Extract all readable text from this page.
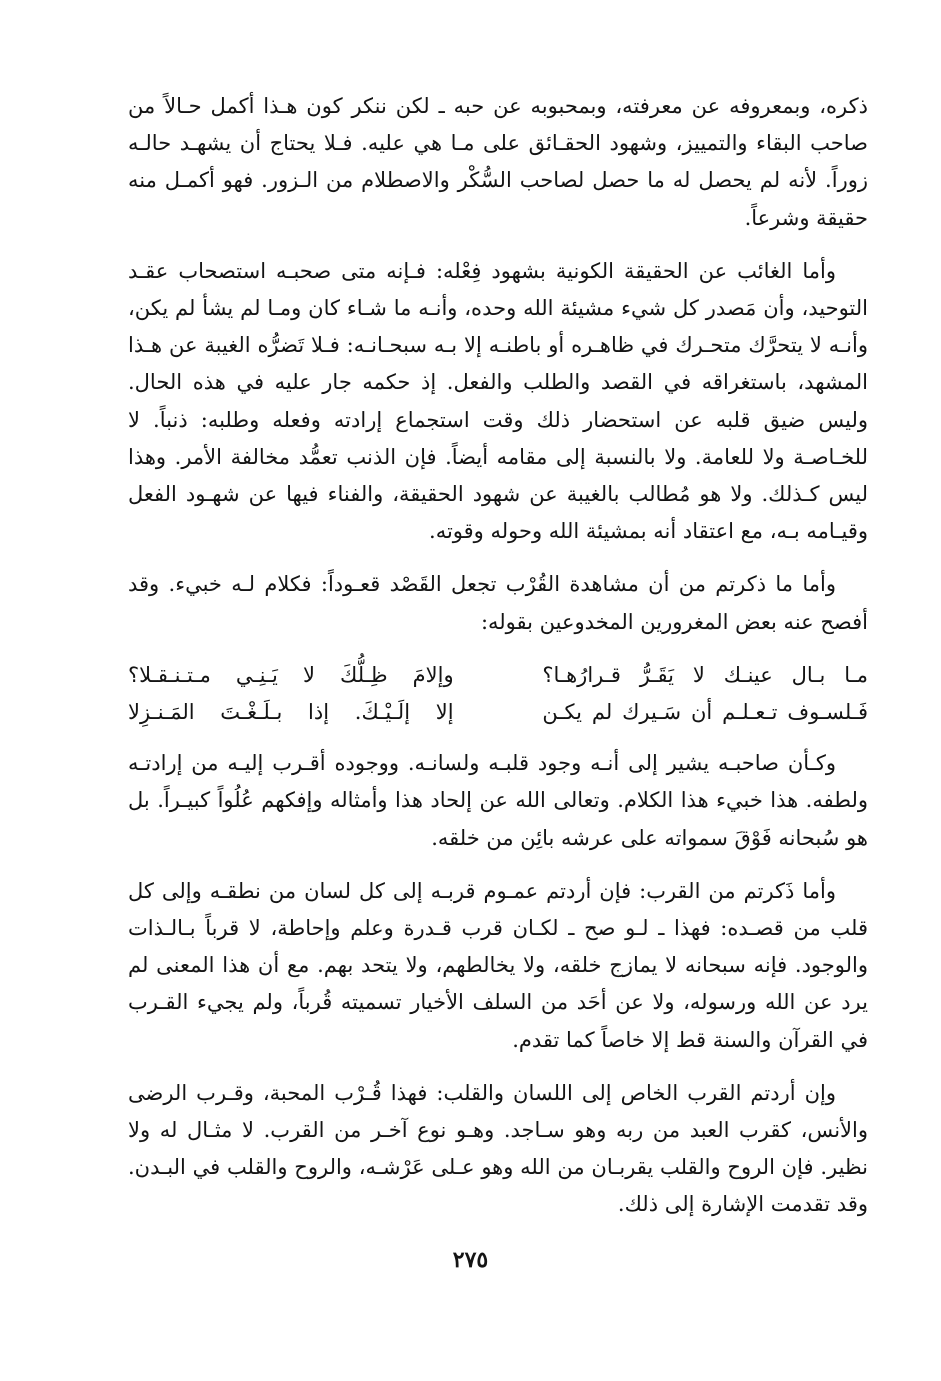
ذكره، وبمعروفه عن معرفته، وبمحبوبه عن حبه ـ لكن ننكر كون هـذا أكمل حـالاً من صاحب البقاء والتمييز، وشهود الحقـائق على مـا هي عليه. فـلا يحتاج أن يشهـد حالـه زوراً. لأنه لم يحصل له ما حصل لصاحب السُّكْر والاصطلام من الـزور. فهو أكمـل منه حقيقة وشرعاً.

وأما الغائب عن الحقيقة الكونية بشهود فِعْله: فـإنه متى صحبـه استصحاب عقـد التوحيد، وأن مَصدر كل شيء مشيئة الله وحده، وأنـه ما شـاء كان ومـا لم يشأ لم يكن، وأنـه لا يتحرَّك متحـرك في ظاهـره أو باطنـه إلا بـه سبحـانـه: فـلا تَضرُّه الغيبة عن هـذا المشهد، باستغراقه في القصد والطلب والفعل. إذ حكمه جار عليه في هذه الحال. وليس ضيق قلبه عن استحضار ذلك وقت استجماع إرادته وفعله وطلبه: ذنباً. لا للخـاصـة ولا للعامة. ولا بالنسبة إلى مقامه أيضاً. فإن الذنب تعمُّد مخالفة الأمر. وهذا ليس كـذلك. ولا هو مُطالب بالغيبة عن شهود الحقيقة، والفناء فيها عن شهـود الفعل وقيـامه بـه، مع اعتقاد أنه بمشيئة الله وحوله وقوته.

وأما ما ذكرتم من أن مشاهدة القُرْب تجعل القَصْد قعـوداً: فكلام لـه خبيء. وقد أفصح عنه بعض المغرورين المخدوعين بقوله:

مـا بـال عينـك لا يَقَـرُّ قـرارُهـا؟
وإلامَ ظِـلُّكَ لا يَـنِـي مـتـنـقـلا؟
فَـلسـوف تـعـلـم أن سَـيرك لم يكـن
إلا إلَـيْـكَ. إذا بـلَـغْـتَ المَـنـزِلا

وكـأن صاحبـه يشير إلى أنـه وجود قلبـه ولسانـه. ووجوده أقـرب إليـه من إرادتـه ولطفه. هذا خبيء هذا الكلام. وتعالى الله عن إلحاد هذا وأمثاله وإفكهم عُلُواً كبيـراً. بل هو سُبحانه فَوْقَ سمواته على عرشه بائِن من خلقه.

وأما ذَكرتم من القرب: فإن أردتم عمـوم قربـه إلى كل لسان من نطقـه وإلى كل قلب من قصـده: فهذا ـ لـو صح ـ لكـان قرب قـدرة وعلم وإحاطة، لا قرباً بـالـذات والوجود. فإنه سبحانه لا يمازج خلقه، ولا يخالطهم، ولا يتحد بهم. مع أن هذا المعنى لم يرد عن الله ورسوله، ولا عن أحَد من السلف الأخيار تسميته قُرباً، ولم يجيء القـرب في القرآن والسنة قط إلا خاصاً كما تقدم.

وإن أردتم القرب الخاص إلى اللسان والقلب: فهذا قُـرْب المحبة، وقـرب الرضى والأنس، كقرب العبد من ربه وهو سـاجد. وهـو نوع آخـر من القرب. لا مثـال له ولا نظير. فإن الروح والقلب يقربـان من الله وهو عـلى عَرْشـه، والروح والقلب في البـدن. وقد تقدمت الإشارة إلى ذلك.

٢٧٥
